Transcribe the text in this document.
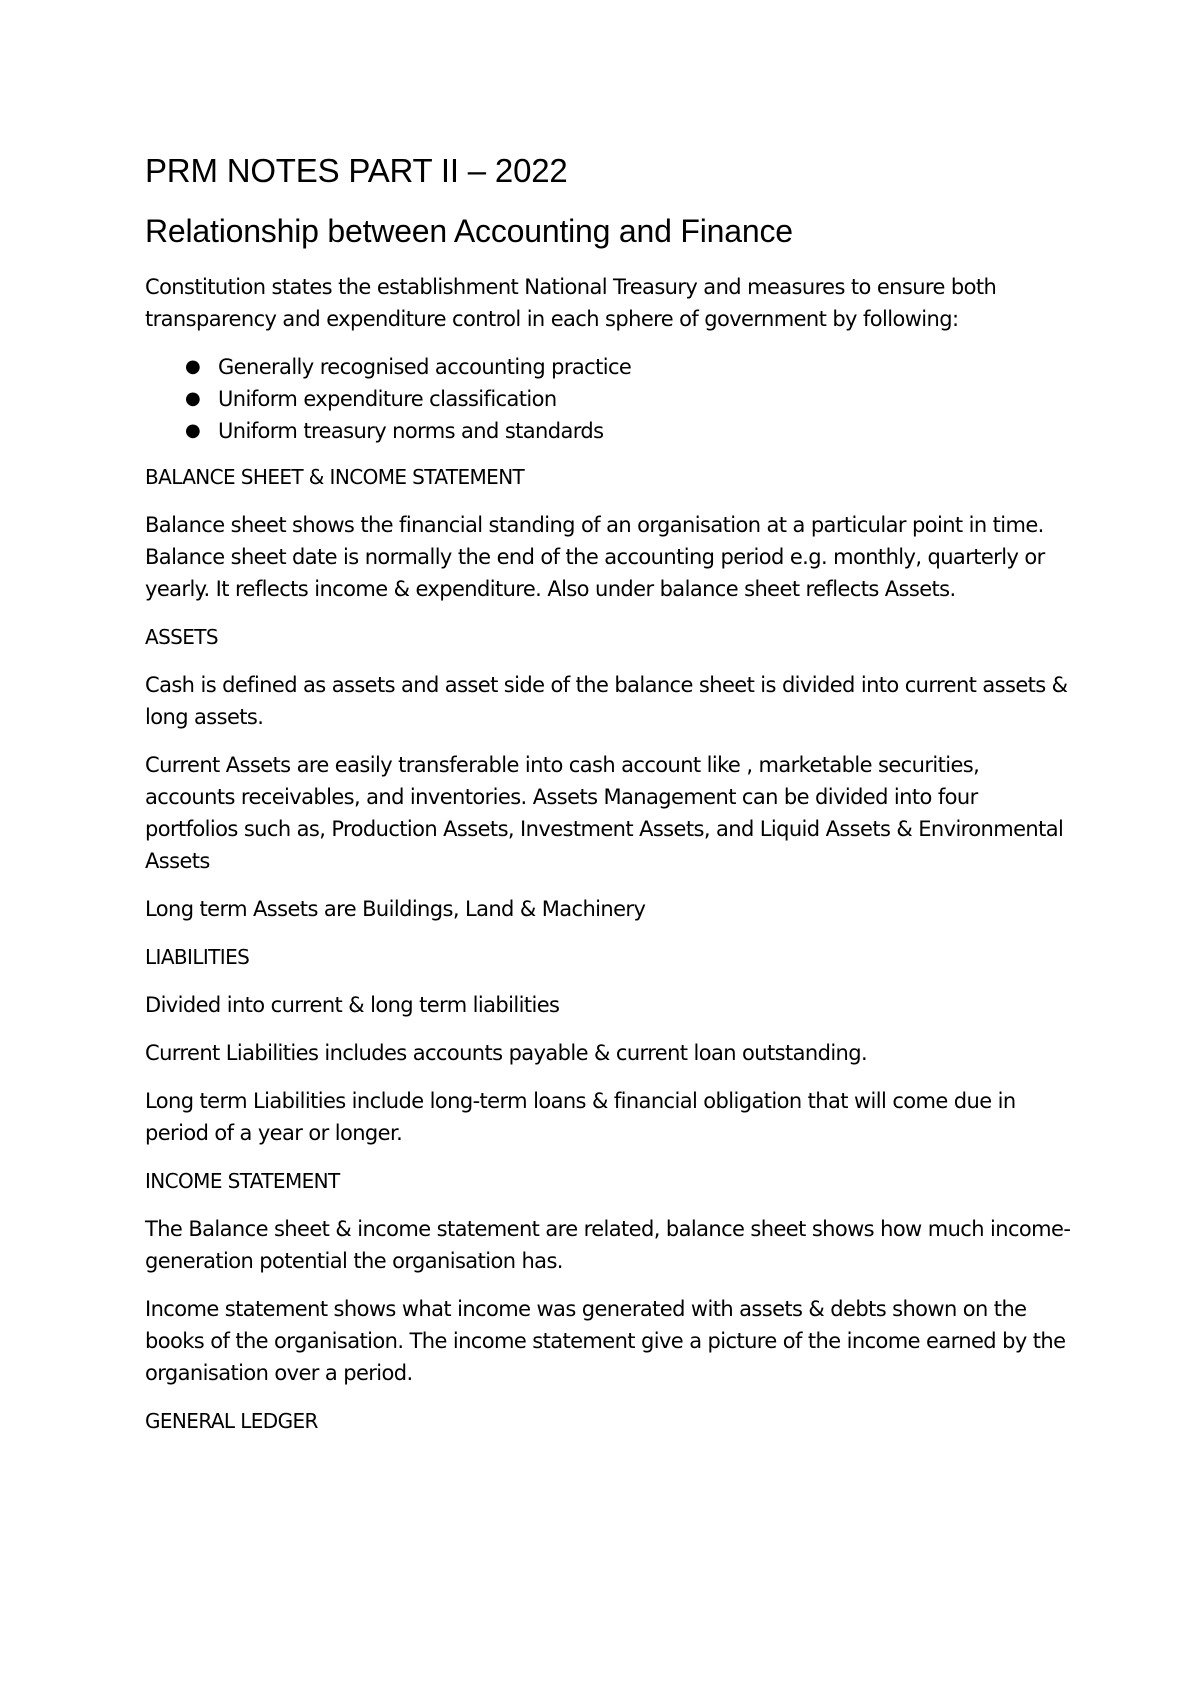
PRM NOTES PART II – 2022
Relationship between Accounting and Finance

Constitution states the establishment National Treasury and measures to ensure both transparency and expenditure control in each sphere of government by following:

● Generally recognised accounting practice
● Uniform expenditure classification
● Uniform treasury norms and standards
BALANCE SHEET & INCOME STATEMENT

Balance sheet shows the financial standing of an organisation at a particular point in time. Balance sheet date is normally the end of the accounting period e.g. monthly, quarterly or yearly. It reflects income & expenditure. Also under balance sheet reflects Assets.

ASSETS

Cash is defined as assets and asset side of the balance sheet is divided into current assets & long assets.

Current Assets are easily transferable into cash account like , marketable securities, accounts receivables, and inventories. Assets Management can be divided into four portfolios such as, Production Assets, Investment Assets, and Liquid Assets & Environmental Assets

Long term Assets are Buildings, Land & Machinery

LIABILITIES

Divided into current & long term liabilities

Current Liabilities includes accounts payable & current loan outstanding.

Long term Liabilities include long-term loans & financial obligation that will come due in period of a year or longer.

INCOME STATEMENT

The Balance sheet & income statement are related, balance sheet shows how much income-generation potential the organisation has.

Income statement shows what income was generated with assets & debts shown on the books of the organisation. The income statement give a picture of the income earned by the organisation over a period.

GENERAL LEDGER
